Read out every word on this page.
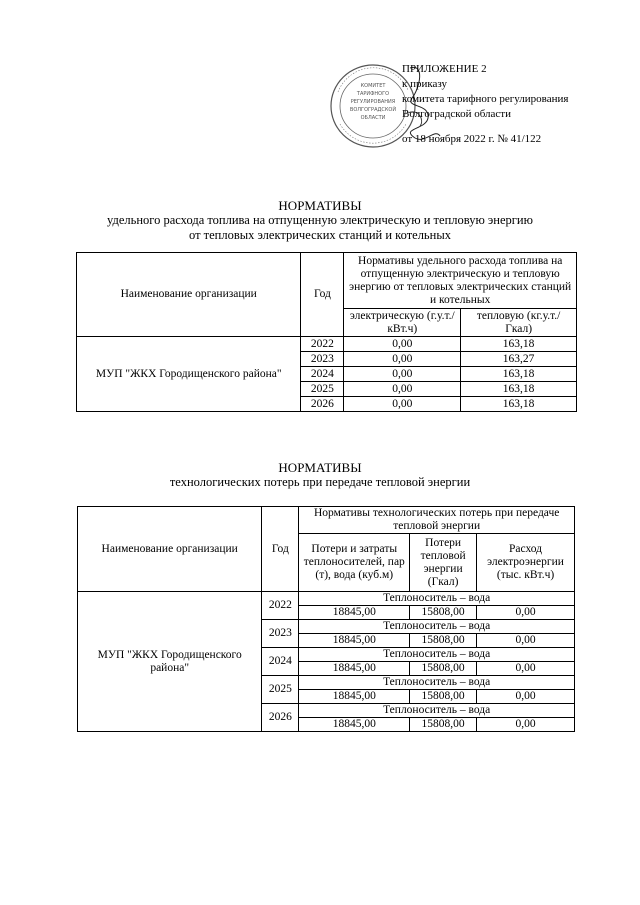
КОМИТЕТ
ТАРИФНОГО
РЕГУЛИРОВАНИЯ
ВОЛГОГРАДСКОЙ
ОБЛАСТИ
ПРИЛОЖЕНИЕ 2
к приказу
комитета тарифного регулирования
Волгоградской области
от 18 ноября 2022 г. № 41/122
НОРМАТИВЫ
удельного расхода топлива на отпущенную электрическую и тепловую энергию
от тепловых электрических станций и котельных
Наименование организации	Год	Нормативы удельного расхода топлива на отпущенную электрическую и тепловую энергию от тепловых электрических станций и котельных	
		электрическую (г.у.т./кВт.ч)	тепловую (кг.у.т./Гкал)
МУП "ЖКХ Городищенского района"	2022	0,00	163,18
	2023	0,00	163,27
	2024	0,00	163,18
	2025	0,00	163,18
	2026	0,00	163,18
НОРМАТИВЫ
технологических потерь при передаче тепловой энергии
Наименование организации	Год	Нормативы технологических потерь при передаче тепловой энергии		
		Потери и затраты теплоносителей, пар (т), вода (куб.м)	Потери тепловой энергии (Гкал)	Расход электроэнергии (тыс. кВт.ч)
МУП "ЖКХ Городищенского района"	2022	Теплоноситель – вода		
		18845,00	15808,00	0,00
	2023	Теплоноситель – вода		
		18845,00	15808,00	0,00
	2024	Теплоноситель – вода		
		18845,00	15808,00	0,00
	2025	Теплоноситель – вода		
		18845,00	15808,00	0,00
	2026	Теплоноситель – вода		
		18845,00	15808,00	0,00
